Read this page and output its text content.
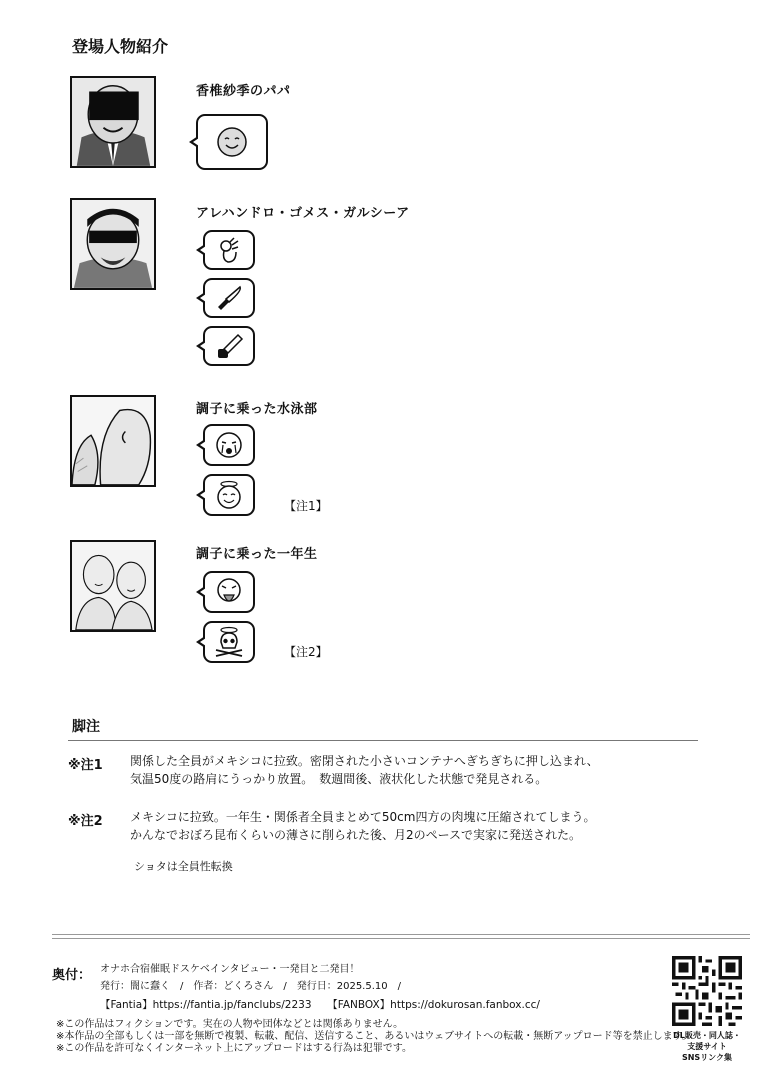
登場人物紹介
香椎紗季のパパ
アレハンドロ・ゴメス・ガルシーア
調子に乗った水泳部
【注1】
調子に乗った一年生
【注2】
脚注
※注1 関係した全員がメキシコに拉致。密閉された小さいコンテナへぎちぎちに押し込まれ、
気温50度の路肩にうっかり放置。　数週間後、液状化した状態で発見される。
※注2 メキシコに拉致。一年生・関係者全員まとめて50cm四方の肉塊に圧縮されてしまう。
かんなでおぼろ昆布くらいの薄さに削られた後、月2のペースで実家に発送された。
ショタは全員性転換
奥付： オナホ合宿催眠ドスケベインタビュー・一発目と二発目！
発行：闇に蠢く　/　作者：どくろさん　/　発行日：2025.5.10　/
【Fantia】https://fantia.jp/fanclubs/2233　　【FANBOX】https://dokurosan.fanbox.cc/
※この作品はフィクションです。実在の人物や団体などとは関係ありません。
※本作品の全部もしくは一部を無断で複製、転載、配信、送信すること、あるいはウェブサイトへの転載・無断アップロード等を禁止します。
※この作品を許可なくインターネット上にアップロードはする行為は犯罪です。
DL販売・同人誌・
支援サイト
SNSリンク集
